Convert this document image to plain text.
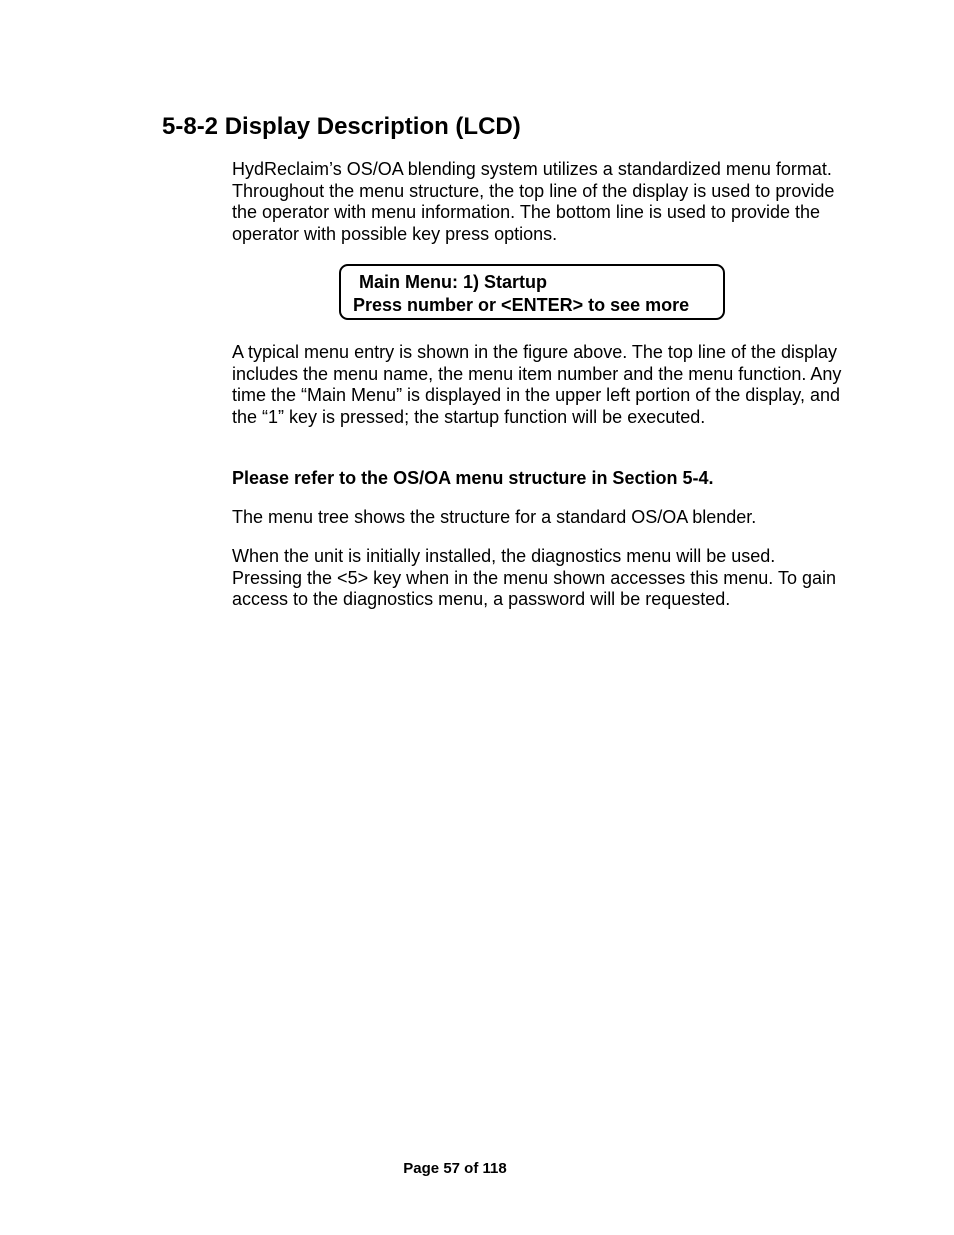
5-8-2 Display Description (LCD)

HydReclaim’s OS/OA blending system utilizes a standardized menu format. Throughout the menu structure, the top line of the display is used to provide the operator with menu information. The bottom line is used to provide the operator with possible key press options.

Main Menu: 1) Startup
Press number or <ENTER> to see more

A typical menu entry is shown in the figure above. The top line of the display includes the menu name, the menu item number and the menu function. Any time the “Main Menu” is displayed in the upper left portion of the display, and the “1” key is pressed; the startup function will be executed.

Please refer to the OS/OA menu structure in Section 5-4.

The menu tree shows the structure for a standard OS/OA blender.

When the unit is initially installed, the diagnostics menu will be used. Pressing the <5> key when in the menu shown accesses this menu. To gain access to the diagnostics menu, a password will be requested.

Page 57 of 118
